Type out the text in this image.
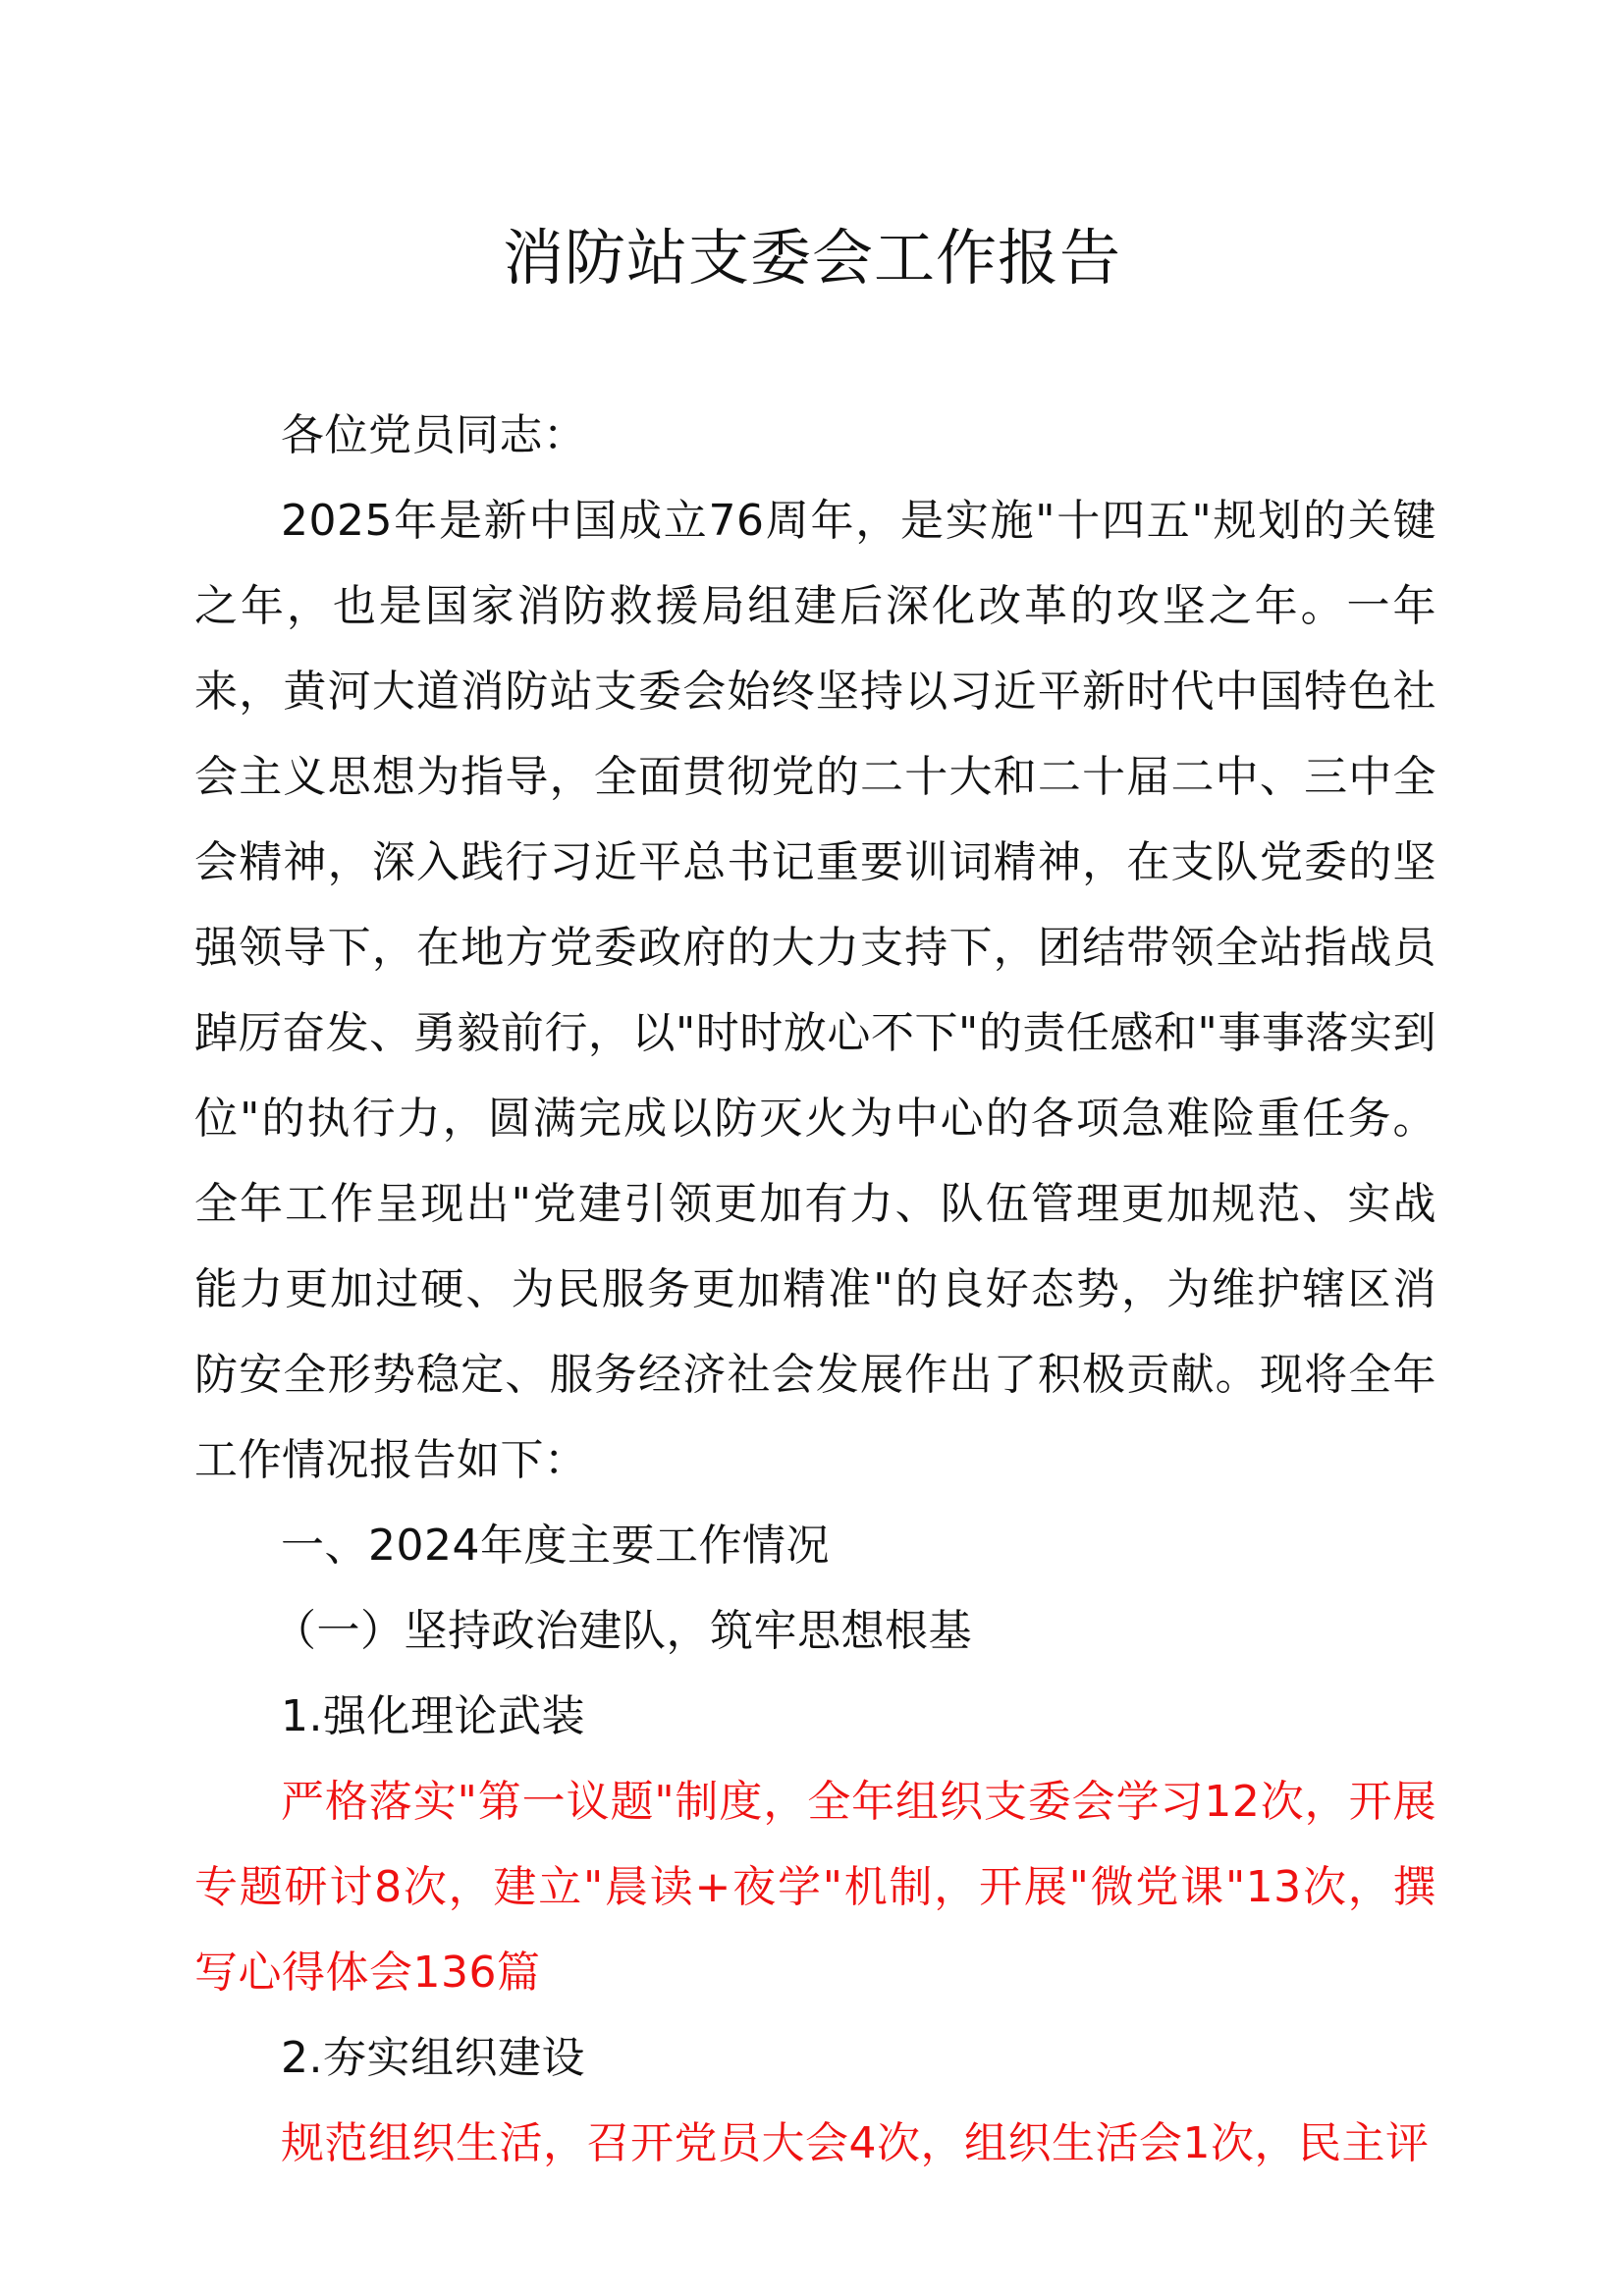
消防站支委会工作报告

各位党员同志：

2025年是新中国成立76周年，是实施"十四五"规划的关键之年，也是国家消防救援局组建后深化改革的攻坚之年。一年来，黄河大道消防站支委会始终坚持以习近平新时代中国特色社会主义思想为指导，全面贯彻党的二十大和二十届二中、三中全会精神，深入践行习近平总书记重要训词精神，在支队党委的坚强领导下，在地方党委政府的大力支持下，团结带领全站指战员踔厉奋发、勇毅前行，以"时时放心不下"的责任感和"事事落实到位"的执行力，圆满完成以防灭火为中心的各项急难险重任务。全年工作呈现出"党建引领更加有力、队伍管理更加规范、实战能力更加过硬、为民服务更加精准"的良好态势，为维护辖区消防安全形势稳定、服务经济社会发展作出了积极贡献。现将全年工作情况报告如下：

一、2024年度主要工作情况

（一）坚持政治建队，筑牢思想根基

1.强化理论武装

严格落实"第一议题"制度，全年组织支委会学习12次，开展专题研讨8次，建立"晨读+夜学"机制，开展"微党课"13次，撰写心得体会136篇

2.夯实组织建设

规范组织生活，召开党员大会4次，组织生活会1次，民主评
